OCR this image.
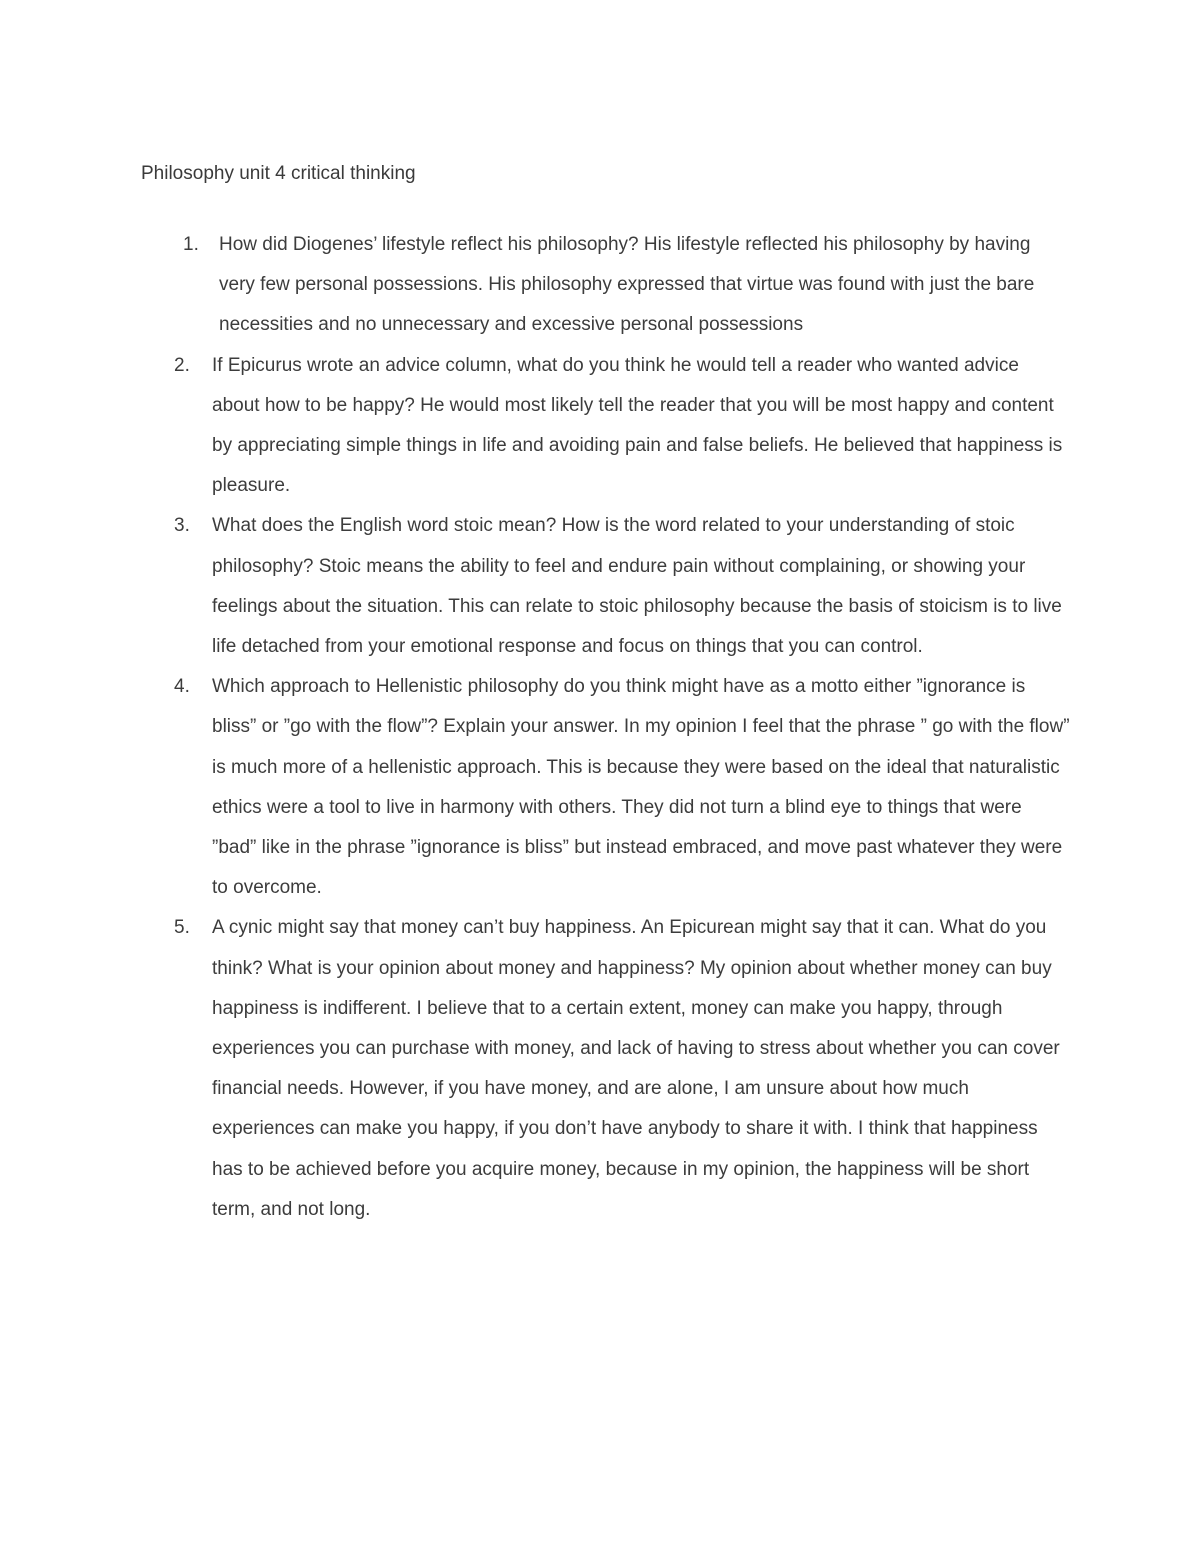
Philosophy unit 4 critical thinking
1.	How did Diogenes’ lifestyle reflect his philosophy? His lifestyle reflected his philosophy by having very few personal possessions. His philosophy expressed that virtue was found with just the bare necessities and no unnecessary and excessive personal possessions
2.	If Epicurus wrote an advice column, what do you think he would tell a reader who wanted advice about how to be happy? He would most likely tell the reader that you will be most happy and content by appreciating simple things in life and avoiding pain and false beliefs. He believed that happiness is pleasure.
3.	What does the English word stoic mean? How is the word related to your understanding of stoic philosophy? Stoic means the ability to feel and endure pain without complaining, or showing your feelings about the situation. This can relate to stoic philosophy because the basis of stoicism is to live life detached from your emotional response and focus on things that you can control.
4.	Which approach to Hellenistic philosophy do you think might have as a motto either ”ignorance is bliss” or ”go with the flow”? Explain your answer. In my opinion I feel that the phrase ” go with the flow” is much more of a hellenistic approach. This is because they were based on the ideal that naturalistic ethics were a tool to live in harmony with others. They did not turn a blind eye to things that were ”bad” like in the phrase ”ignorance is bliss” but instead embraced, and move past whatever they were to overcome.
5.	A cynic might say that money can’t buy happiness. An Epicurean might say that it can. What do you think? What is your opinion about money and happiness? My opinion about whether money can buy happiness is indifferent. I believe that to a certain extent, money can make you happy, through experiences you can purchase with money, and lack of having to stress about whether you can cover financial needs. However, if you have money, and are alone, I am unsure about how much experiences can make you happy, if you don’t have anybody to share it with. I think that happiness has to be achieved before you acquire money, because in my opinion, the happiness will be short term, and not long.
